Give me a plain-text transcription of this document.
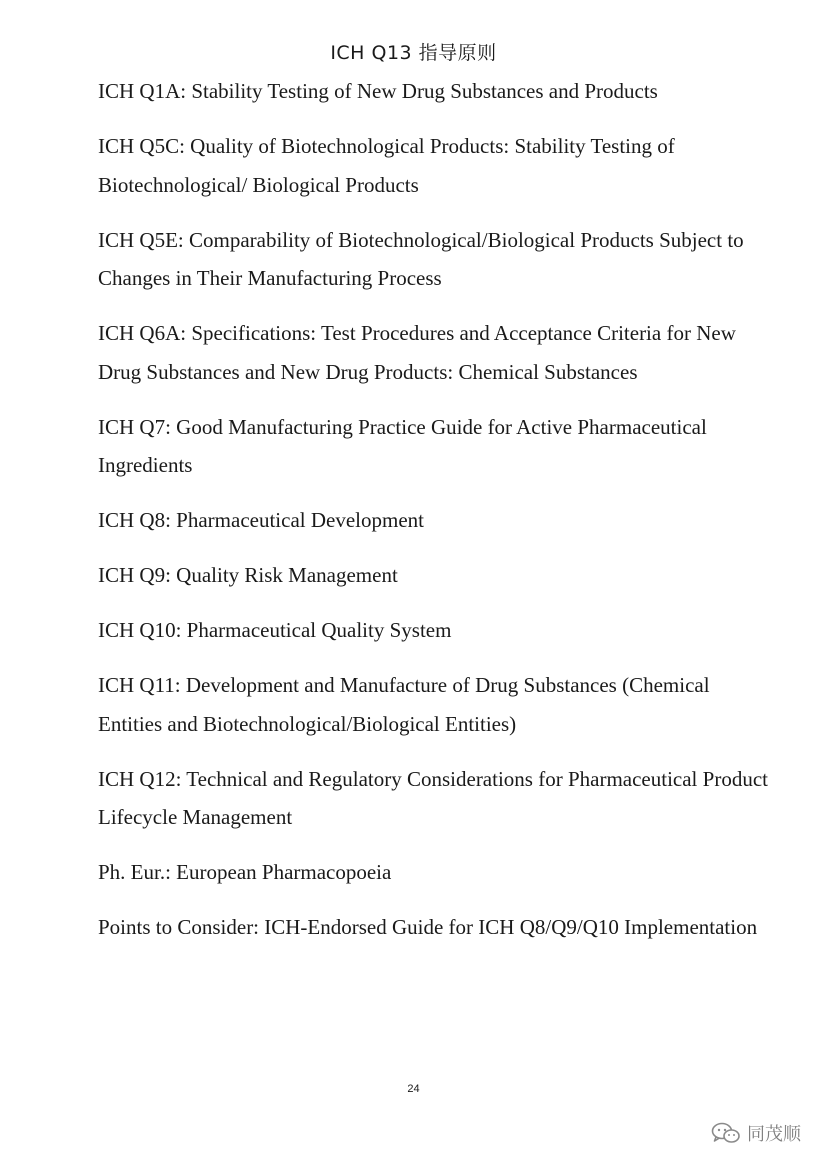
ICH Q13 指导原则

ICH Q1A: Stability Testing of New Drug Substances and Products

ICH Q5C: Quality of Biotechnological Products: Stability Testing of Biotechnological/ Biological Products

ICH Q5E: Comparability of Biotechnological/Biological Products Subject to Changes in Their Manufacturing Process

ICH Q6A: Specifications: Test Procedures and Acceptance Criteria for New Drug Substances and New Drug Products: Chemical Substances

ICH Q7: Good Manufacturing Practice Guide for Active Pharmaceutical Ingredients

ICH Q8: Pharmaceutical Development

ICH Q9: Quality Risk Management

ICH Q10: Pharmaceutical Quality System

ICH Q11: Development and Manufacture of Drug Substances (Chemical Entities and Biotechnological/Biological Entities)

ICH Q12: Technical and Regulatory Considerations for Pharmaceutical Product Lifecycle Management

Ph. Eur.: European Pharmacopoeia

Points to Consider: ICH-Endorsed Guide for ICH Q8/Q9/Q10 Implementation

24
同茂顺
